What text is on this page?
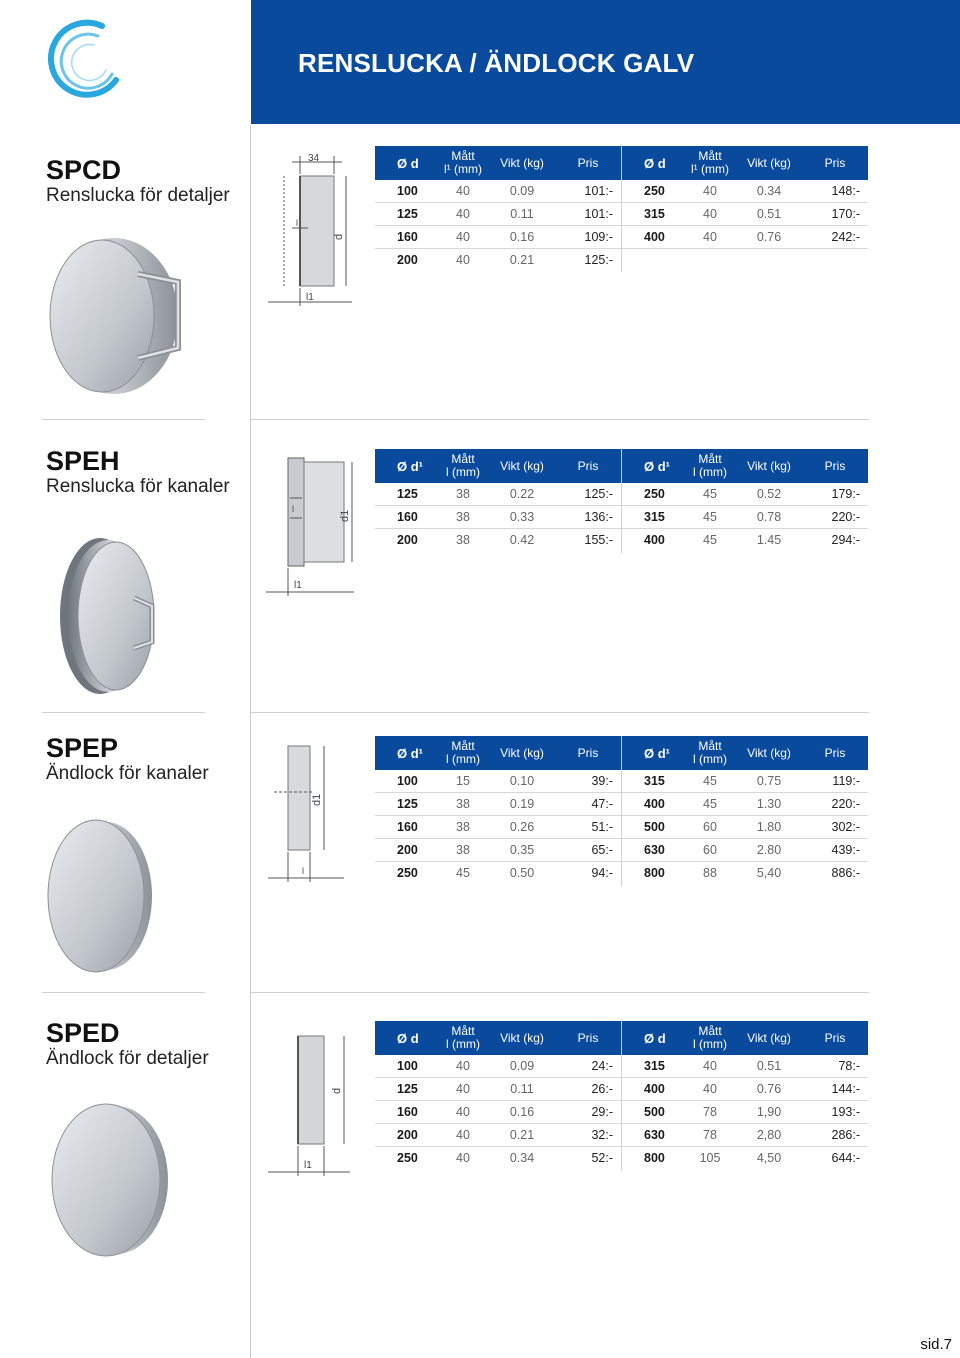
RENSLUCKA / ÄNDLOCK GALV
SPCD
Renslucka för detaljer
34
l
d
l1
Ø d	Mått
l¹ (mm)	Vikt (kg)	Pris
100	40	0.09	101:-
125	40	0.11	101:-
160	40	0.16	109:-
200	40	0.21	125:-
Ø d	Mått
l¹ (mm)	Vikt (kg)	Pris
250	40	0.34	148:-
315	40	0.51	170:-
400	40	0.76	242:-
SPEH
Renslucka för kanaler
d1
l
l1
Ø d¹	Mått
l (mm)	Vikt (kg)	Pris
125	38	0.22	125:-
160	38	0.33	136:-
200	38	0.42	155:-
Ø d¹	Mått
l (mm)	Vikt (kg)	Pris
250	45	0.52	179:-
315	45	0.78	220:-
400	45	1.45	294:-
SPEP
Ändlock för kanaler
d1
l
Ø d¹	Mått
l (mm)	Vikt (kg)	Pris
100	15	0.10	39:-
125	38	0.19	47:-
160	38	0.26	51:-
200	38	0.35	65:-
250	45	0.50	94:-
Ø d¹	Mått
l (mm)	Vikt (kg)	Pris
315	45	0.75	119:-
400	45	1.30	220:-
500	60	1.80	302:-
630	60	2.80	439:-
800	88	5,40	886:-
SPED
Ändlock för detaljer
d
l1
Ø d	Mått
l (mm)	Vikt (kg)	Pris
100	40	0.09	24:-
125	40	0.11	26:-
160	40	0.16	29:-
200	40	0.21	32:-
250	40	0.34	52:-
Ø d	Mått
l (mm)	Vikt (kg)	Pris
315	40	0.51	78:-
400	40	0.76	144:-
500	78	1,90	193:-
630	78	2,80	286:-
800	105	4,50	644:-
sid.7
